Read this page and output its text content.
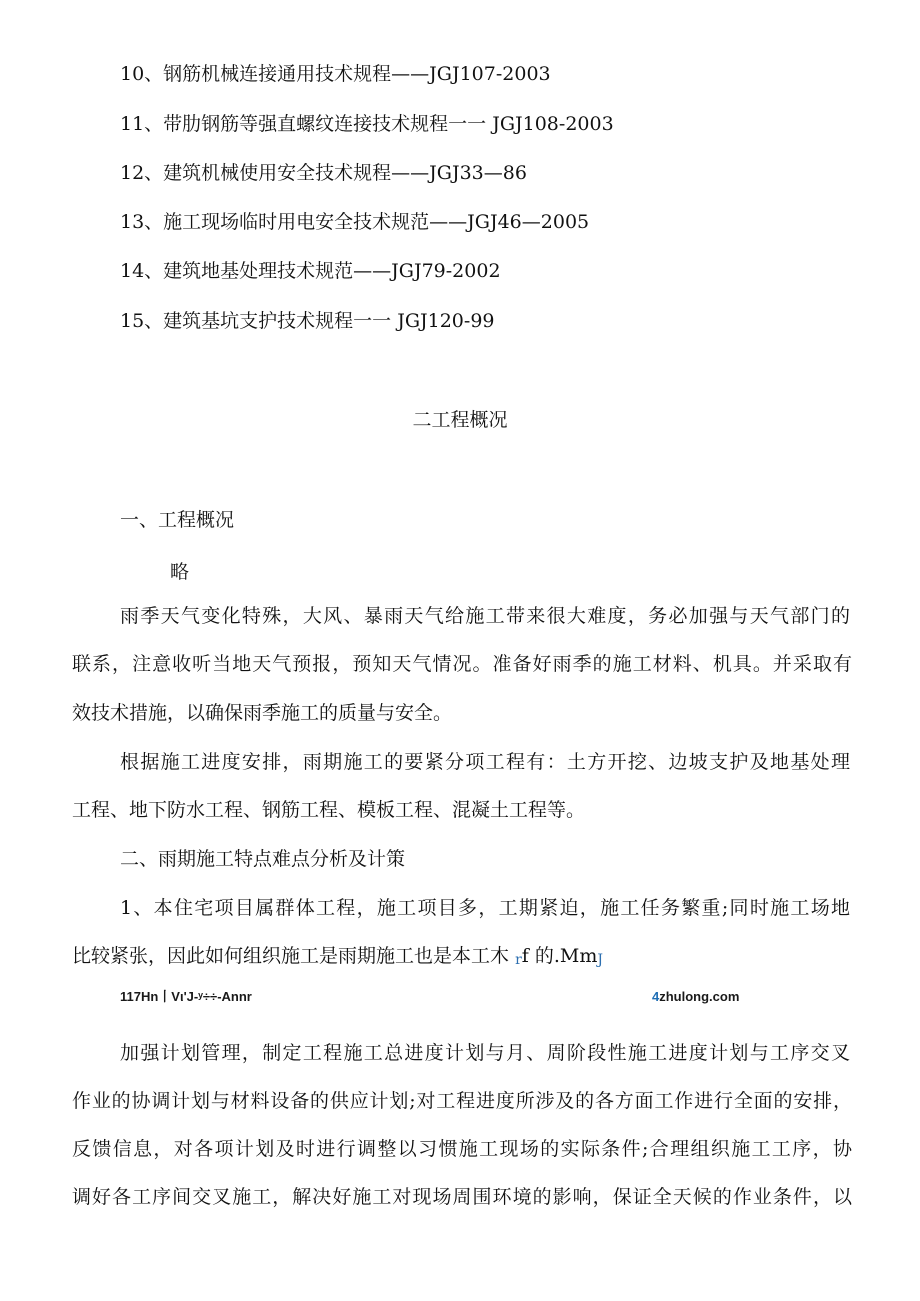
10、钢筋机械连接通用技术规程——JGJ107-2003
11、带肋钢筋等强直螺纹连接技术规程一一 JGJ108-2003
12、建筑机械使用安全技术规程——JGJ33—86
13、施工现场临时用电安全技术规范——JGJ46—2005
14、建筑地基处理技术规范——JGJ79-2002
15、建筑基坑支护技术规程一一 JGJ120-99
二工程概况
一、工程概况
略
雨季天气变化特殊，大风、暴雨天气给施工带来很大难度，务必加强与天气部门的
联系，注意收听当地天气预报，预知天气情况。准备好雨季的施工材料、机具。并采取有
效技术措施，以确保雨季施工的质量与安全。
根据施工进度安排，雨期施工的要紧分项工程有：土方开挖、边坡支护及地基处理
工程、地下防水工程、钢筋工程、模板工程、混凝土工程等。
二、雨期施工特点难点分析及计策
1、本住宅项目属群体工程，施工项目多，工期紧迫，施工任务繁重;同时施工场地
比较紧张，因此如何组织施工是雨期施工也是本工木 rf 的.MmJ
117Hn丨Vι'J-ʸ÷÷-Annr	4zhulong.com
加强计划管理，制定工程施工总进度计划与月、周阶段性施工进度计划与工序交叉
作业的协调计划与材料设备的供应计划;对工程进度所涉及的各方面工作进行全面的安排，
反馈信息，对各项计划及时进行调整以习惯施工现场的实际条件;合理组织施工工序，协
调好各工序间交叉施工，解决好施工对现场周围环境的影响，保证全天候的作业条件，以
